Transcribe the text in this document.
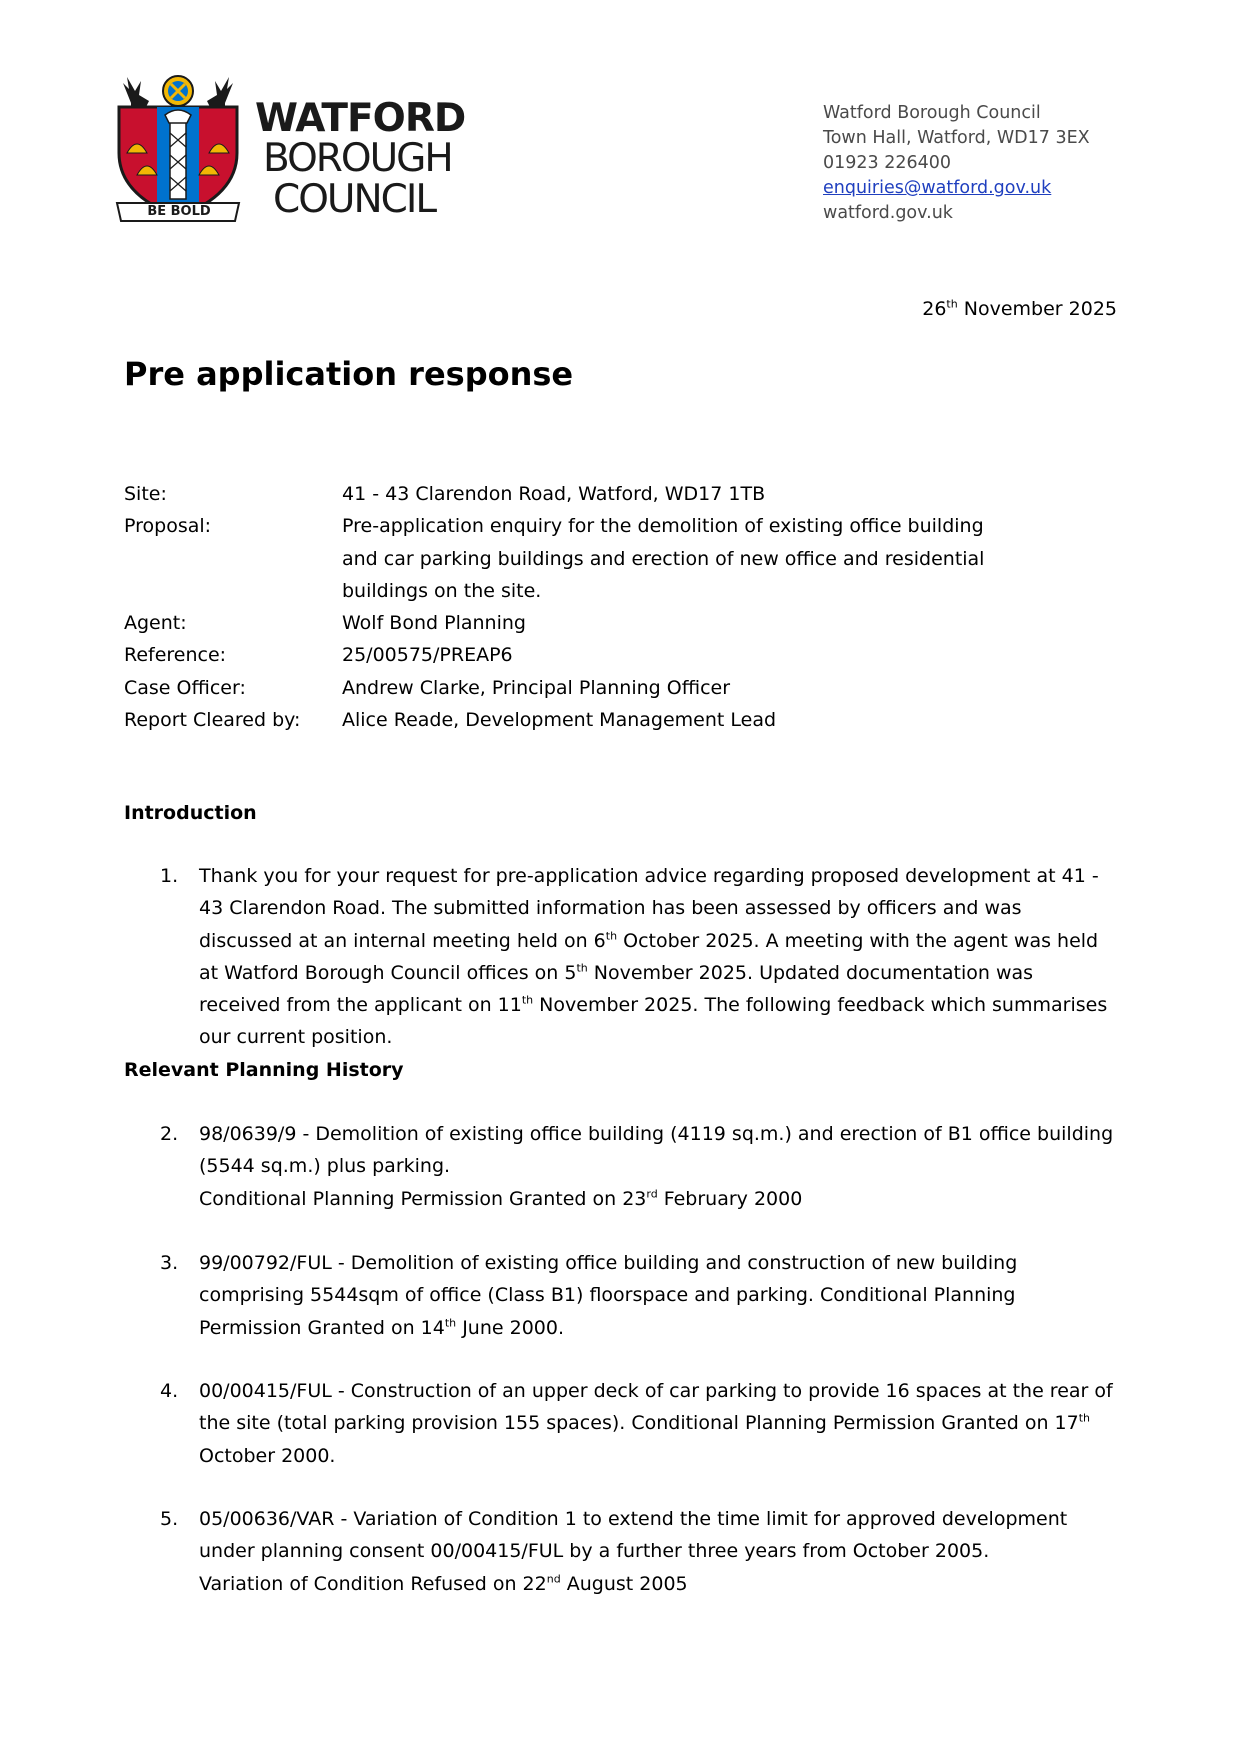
BE BOLD
WATFORD
BOROUGH
COUNCIL
Watford Borough Council
Town Hall, Watford, WD17 3EX
01923 226400
enquiries@watford.gov.uk
watford.gov.uk
26th November 2025
Pre application response
Site:	41 - 43 Clarendon Road, Watford, WD17 1TB
Proposal:	Pre-application enquiry for the demolition of existing office building and car parking buildings and erection of new office and residential buildings on the site.
Agent:	Wolf Bond Planning
Reference:	25/00575/PREAP6
Case Officer:	Andrew Clarke, Principal Planning Officer
Report Cleared by:	Alice Reade, Development Management Lead
Introduction
1. Thank you for your request for pre-application advice regarding proposed development at 41 - 43 Clarendon Road. The submitted information has been assessed by officers and was discussed at an internal meeting held on 6th October 2025. A meeting with the agent was held at Watford Borough Council offices on 5th November 2025. Updated documentation was received from the applicant on 11th November 2025. The following feedback which summarises our current position.
Relevant Planning History
2. 98/0639/9 - Demolition of existing office building (4119 sq.m.) and erection of B1 office building (5544 sq.m.) plus parking.
Conditional Planning Permission Granted on 23rd February 2000
3. 99/00792/FUL - Demolition of existing office building and construction of new building comprising 5544sqm of office (Class B1) floorspace and parking. Conditional Planning Permission Granted on 14th June 2000.
4. 00/00415/FUL - Construction of an upper deck of car parking to provide 16 spaces at the rear of the site (total parking provision 155 spaces). Conditional Planning Permission Granted on 17th October 2000.
5. 05/00636/VAR - Variation of Condition 1 to extend the time limit for approved development under planning consent 00/00415/FUL by a further three years from October 2005.
Variation of Condition Refused on 22nd August 2005
